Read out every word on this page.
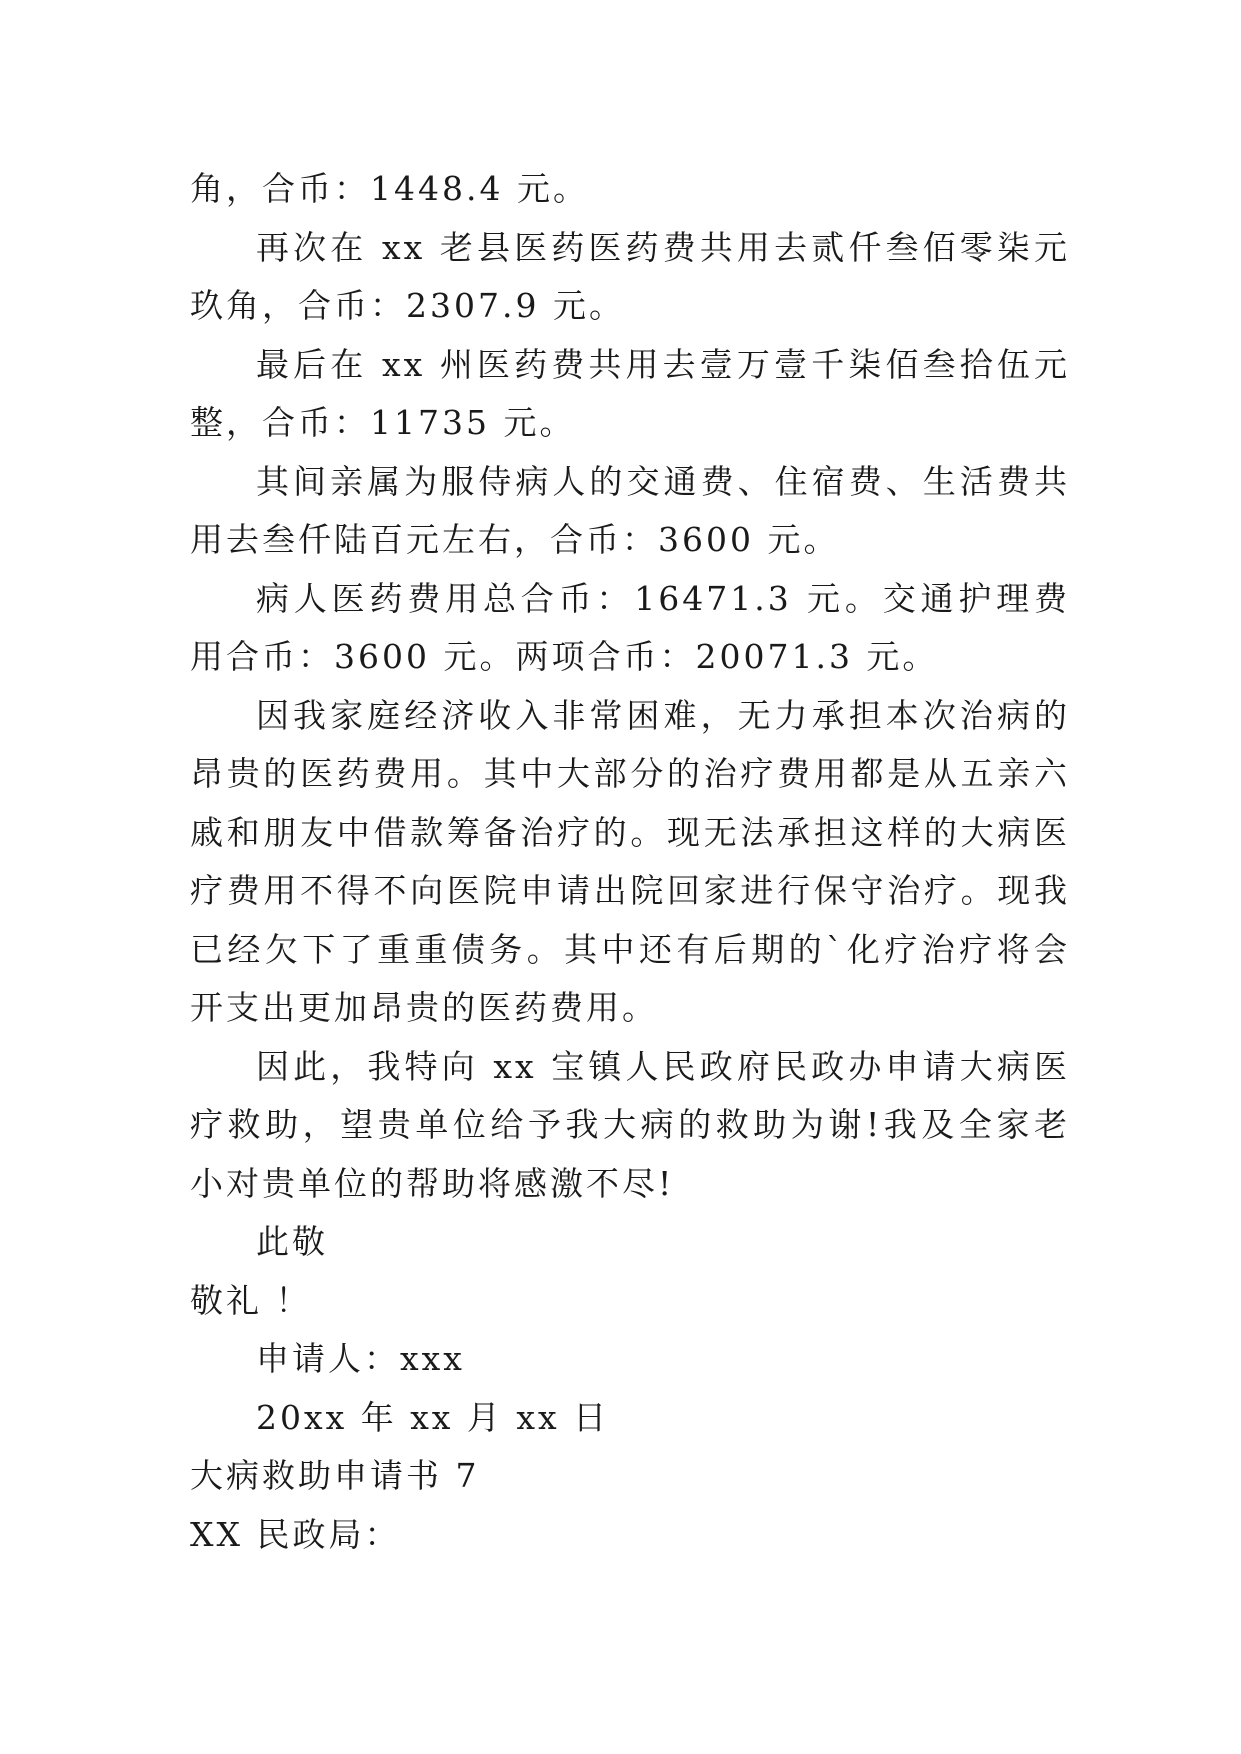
角，合币：1448.4 元。

再次在 xx 老县医药医药费共用去贰仟叁佰零柒元玖角，合币：2307.9 元。

最后在 xx 州医药费共用去壹万壹千柒佰叁拾伍元整，合币：11735 元。

其间亲属为服侍病人的交通费、住宿费、生活费共用去叁仟陆百元左右，合币：3600 元。

病人医药费用总合币：16471.3 元。交通护理费用合币：3600 元。两项合币：20071.3 元。

因我家庭经济收入非常困难，无力承担本次治病的昂贵的医药费用。其中大部分的治疗费用都是从五亲六戚和朋友中借款筹备治疗的。现无法承担这样的大病医疗费用不得不向医院申请出院回家进行保守治疗。现我已经欠下了重重债务。其中还有后期的`化疗治疗将会开支出更加昂贵的医药费用。

因此，我特向 xx 宝镇人民政府民政办申请大病医疗救助，望贵单位给予我大病的救助为谢!我及全家老小对贵单位的帮助将感激不尽!

此敬

敬礼 ！

申请人：xxx

20xx 年 xx 月 xx 日

大病救助申请书 7

XX 民政局：
